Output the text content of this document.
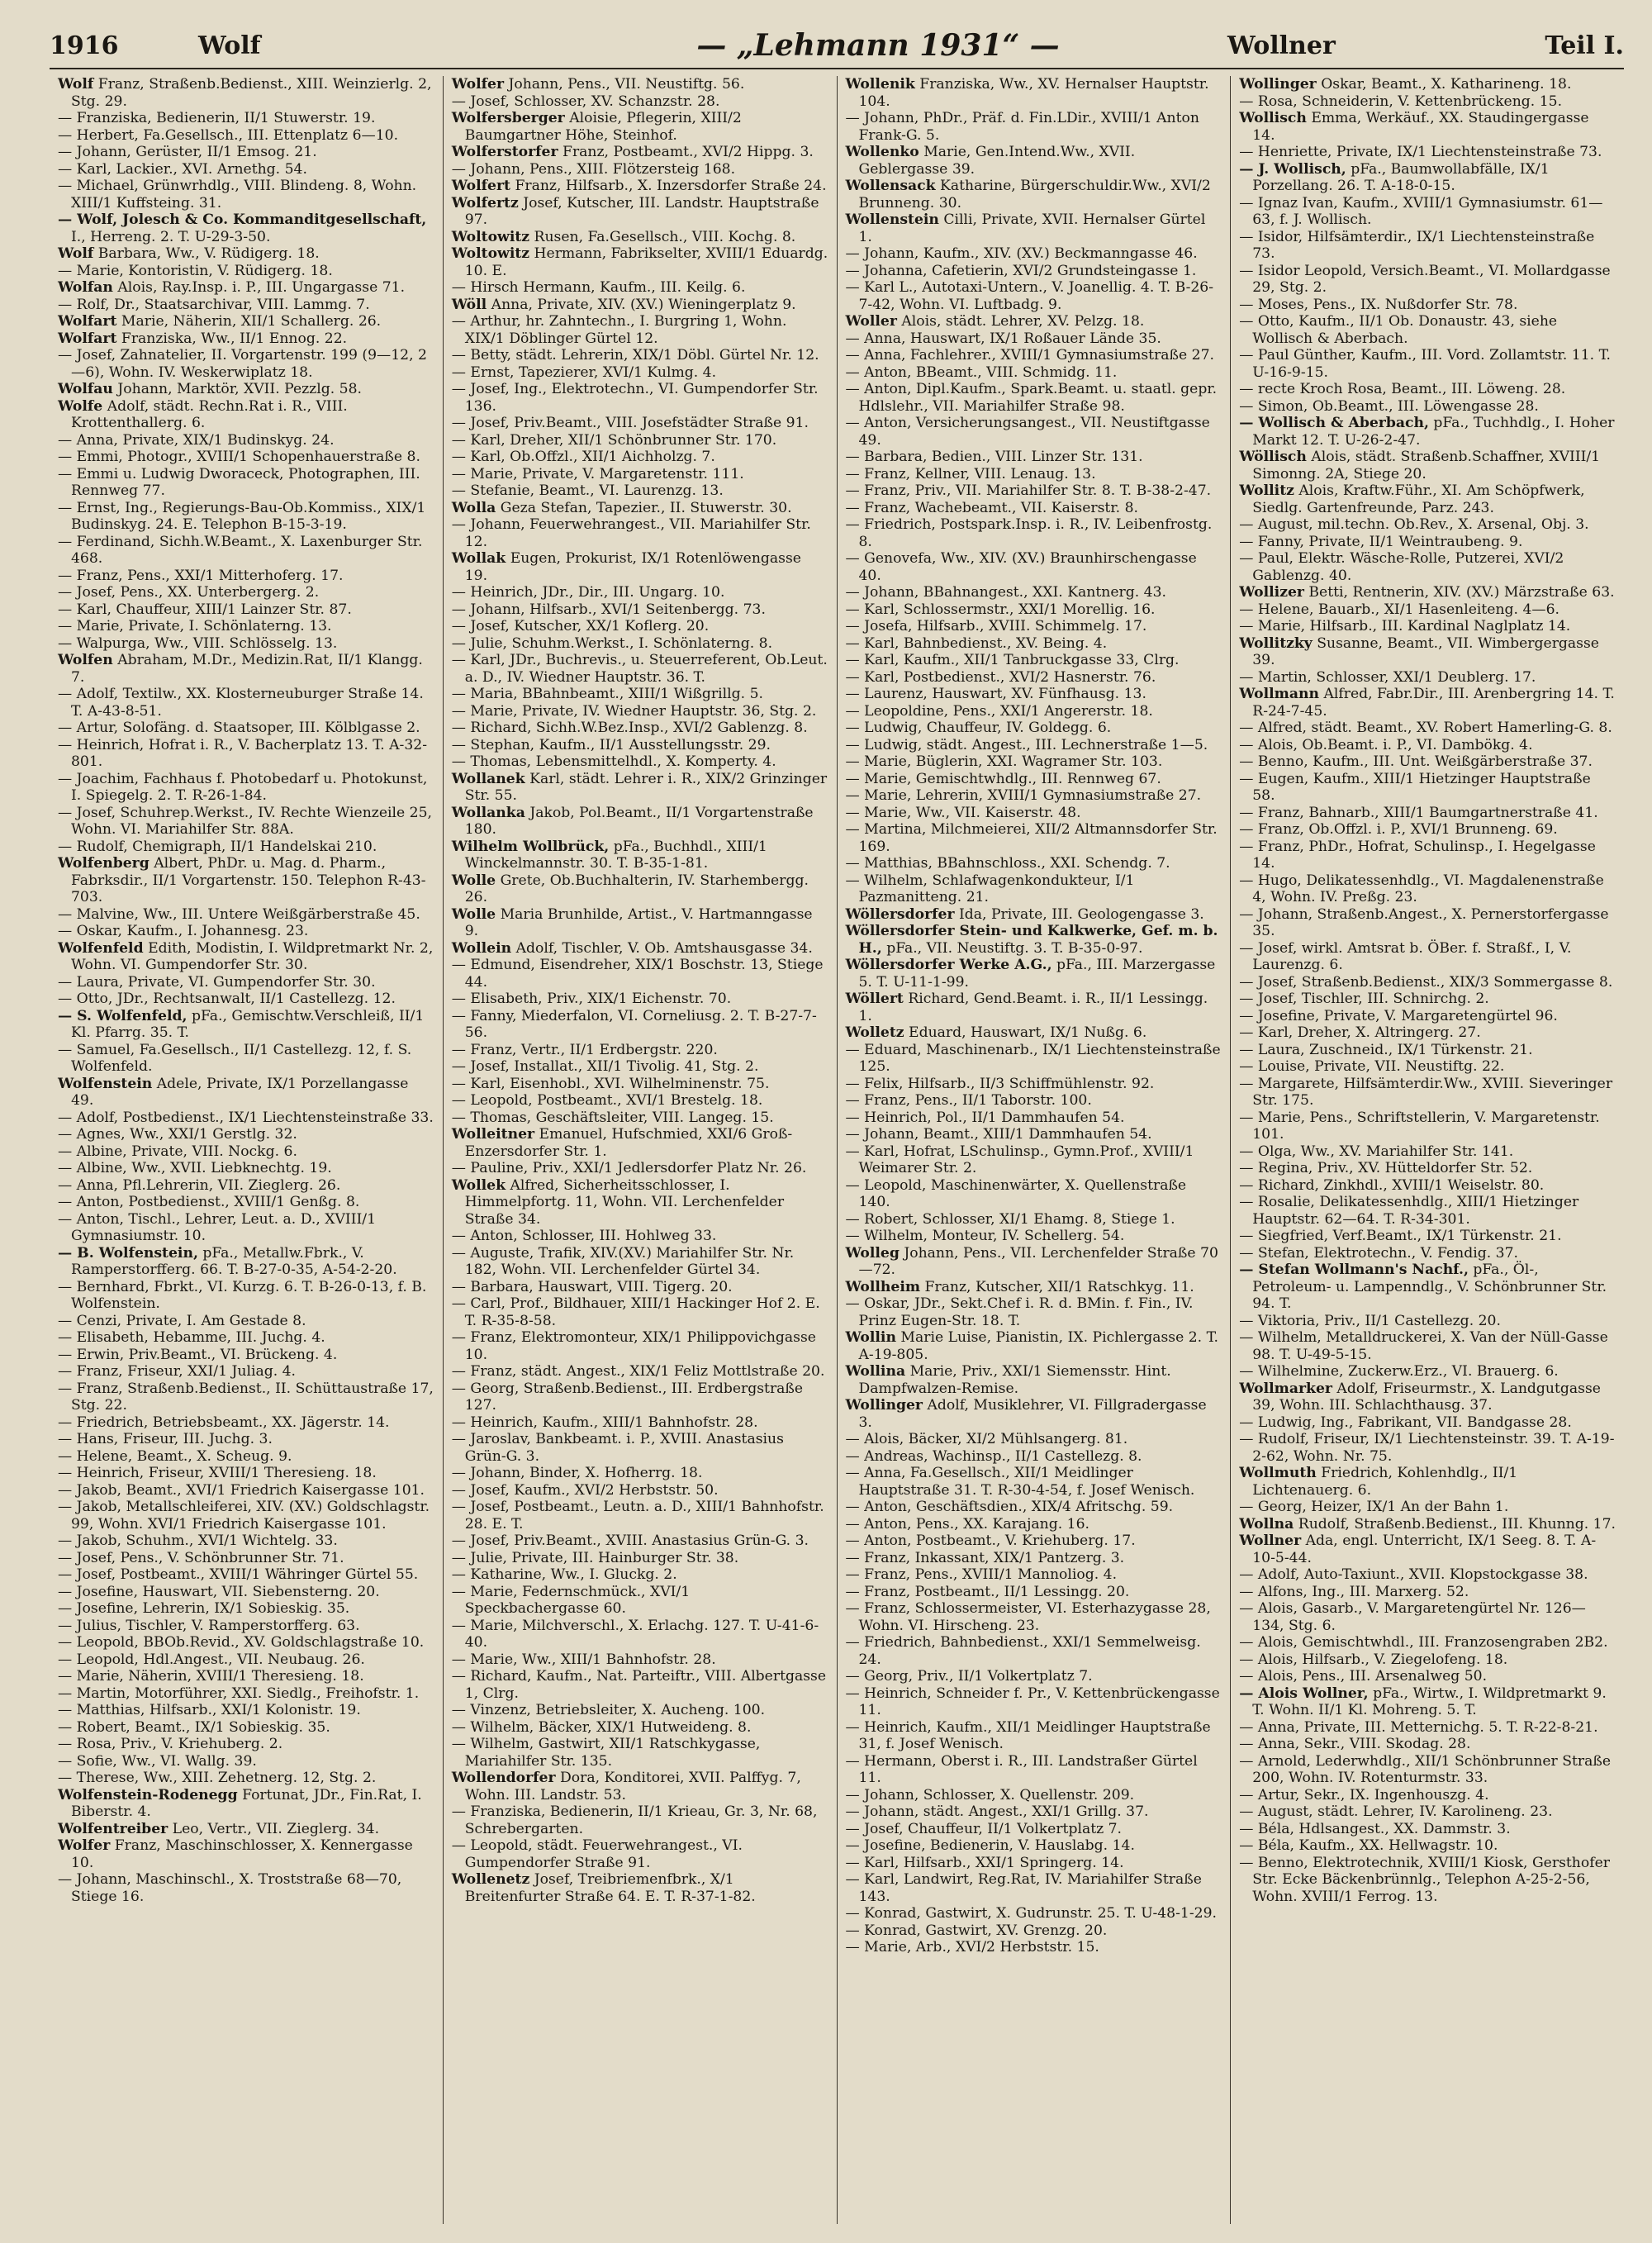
1916	Wolf	— „Lehmann 1931“ —	Wollner	Teil I.

Wolf Franz, Straßenb.Bedienst., XIII. Weinzierlg. 2, Stg. 29.

— Franziska, Bedienerin, II/1 Stuwerstr. 19.

— Herbert, Fa.Gesellsch., III. Ettenplatz 6—10.

— Johann, Gerüster, II/1 Emsog. 21.

— Karl, Lackier., XVI. Arnethg. 54.

— Michael, Grünwrhdlg., VIII. Blindeng. 8, Wohn. XIII/1 Kuffsteing. 31.

— Wolf, Jolesch & Co. Kommanditgesellschaft, I., Herreng. 2. T. U-29-3-50.

Wolf Barbara, Ww., V. Rüdigerg. 18.

— Marie, Kontoristin, V. Rüdigerg. 18.

Wolfan Alois, Ray.Insp. i. P., III. Ungargasse 71.

— Rolf, Dr., Staatsarchivar, VIII. Lammg. 7.

Wolfart Marie, Näherin, XII/1 Schallerg. 26.

Wolfart Franziska, Ww., II/1 Ennog. 22.

— Josef, Zahnatelier, II. Vorgartenstr. 199 (9—12, 2—6), Wohn. IV. Weskerwiplatz 18.

Wolfau Johann, Marktör, XVII. Pezzlg. 58.

Wolfe Adolf, städt. Rechn.Rat i. R., VIII. Krottenthallerg. 6.

— Anna, Private, XIX/1 Budinskyg. 24.

— Emmi, Photogr., XVIII/1 Schopenhauerstraße 8.

— Emmi u. Ludwig Dworaceck, Photographen, III. Rennweg 77.

— Ernst, Ing., Regierungs-Bau-Ob.Kommiss., XIX/1 Budinskyg. 24. E. Telephon B-15-3-19.

— Ferdinand, Sichh.W.Beamt., X. Laxenburger Str. 468.

— Franz, Pens., XXI/1 Mitterhoferg. 17.

— Josef, Pens., XX. Unterbergerg. 2.

— Karl, Chauffeur, XIII/1 Lainzer Str. 87.

— Marie, Private, I. Schönlaterng. 13.

— Walpurga, Ww., VIII. Schlösselg. 13.

Wolfen Abraham, M.Dr., Medizin.Rat, II/1 Klangg. 7.

— Adolf, Textilw., XX. Klosterneuburger Straße 14. T. A-43-8-51.

— Artur, Solofäng. d. Staatsoper, III. Kölblgasse 2.

— Heinrich, Hofrat i. R., V. Bacherplatz 13. T. A-32-801.

— Joachim, Fachhaus f. Photobedarf u. Photokunst, I. Spiegelg. 2. T. R-26-1-84.

— Josef, Schuhrep.Werkst., IV. Rechte Wienzeile 25, Wohn. VI. Mariahilfer Str. 88A.

— Rudolf, Chemigraph, II/1 Handelskai 210.

Wolfenberg Albert, PhDr. u. Mag. d. Pharm., Fabrksdir., II/1 Vorgartenstr. 150. Telephon R-43-703.

— Malvine, Ww., III. Untere Weißgärberstraße 45.

— Oskar, Kaufm., I. Johannesg. 23.

Wolfenfeld Edith, Modistin, I. Wildpretmarkt Nr. 2, Wohn. VI. Gumpendorfer Str. 30.

— Laura, Private, VI. Gumpendorfer Str. 30.

— Otto, JDr., Rechtsanwalt, II/1 Castellezg. 12.

— S. Wolfenfeld, pFa., Gemischtw.Verschleiß, II/1 Kl. Pfarrg. 35. T.

— Samuel, Fa.Gesellsch., II/1 Castellezg. 12, f. S. Wolfenfeld.

Wolfenstein Adele, Private, IX/1 Porzellangasse 49.

— Adolf, Postbedienst., IX/1 Liechtensteinstraße 33.

— Agnes, Ww., XXI/1 Gerstlg. 32.

— Albine, Private, VIII. Nockg. 6.

— Albine, Ww., XVII. Liebknechtg. 19.

— Anna, Pfl.Lehrerin, VII. Zieglerg. 26.

— Anton, Postbedienst., XVIII/1 Genßg. 8.

— Anton, Tischl., Lehrer, Leut. a. D., XVIII/1 Gymnasiumstr. 10.

— B. Wolfenstein, pFa., Metallw.Fbrk., V. Ramperstorfferg. 66. T. B-27-0-35, A-54-2-20.

— Bernhard, Fbrkt., VI. Kurzg. 6. T. B-26-0-13, f. B. Wolfenstein.

— Cenzi, Private, I. Am Gestade 8.

— Elisabeth, Hebamme, III. Juchg. 4.

— Erwin, Priv.Beamt., VI. Brückeng. 4.

— Franz, Friseur, XXI/1 Juliag. 4.

— Franz, Straßenb.Bedienst., II. Schüttaustraße 17, Stg. 22.

— Friedrich, Betriebsbeamt., XX. Jägerstr. 14.

— Hans, Friseur, III. Juchg. 3.

— Helene, Beamt., X. Scheug. 9.

— Heinrich, Friseur, XVIII/1 Theresieng. 18.

— Jakob, Beamt., XVI/1 Friedrich Kaisergasse 101.

— Jakob, Metallschleiferei, XIV. (XV.) Goldschlagstr. 99, Wohn. XVI/1 Friedrich Kaisergasse 101.

— Jakob, Schuhm., XVI/1 Wichtelg. 33.

— Josef, Pens., V. Schönbrunner Str. 71.

— Josef, Postbeamt., XVIII/1 Währinger Gürtel 55.

— Josefine, Hauswart, VII. Siebensterng. 20.

— Josefine, Lehrerin, IX/1 Sobieskig. 35.

— Julius, Tischler, V. Ramperstorfferg. 63.

— Leopold, BBOb.Revid., XV. Goldschlagstraße 10.

— Leopold, Hdl.Angest., VII. Neubaug. 26.

— Marie, Näherin, XVIII/1 Theresieng. 18.

— Martin, Motorführer, XXI. Siedlg., Freihofstr. 1.

— Matthias, Hilfsarb., XXI/1 Kolonistr. 19.

— Robert, Beamt., IX/1 Sobieskig. 35.

— Rosa, Priv., V. Kriehuberg. 2.

— Sofie, Ww., VI. Wallg. 39.

— Therese, Ww., XIII. Zehetnerg. 12, Stg. 2.

Wolfenstein-Rodenegg Fortunat, JDr., Fin.Rat, I. Biberstr. 4.

Wolfentreiber Leo, Vertr., VII. Zieglerg. 34.

Wolfer Franz, Maschinschlosser, X. Kennergasse 10.

— Johann, Maschinschl., X. Troststraße 68—70, Stiege 16.

Wolfer Johann, Pens., VII. Neustiftg. 56.

— Josef, Schlosser, XV. Schanzstr. 28.

Wolfersberger Aloisie, Pflegerin, XIII/2 Baumgartner Höhe, Steinhof.

Wolferstorfer Franz, Postbeamt., XVI/2 Hippg. 3.

— Johann, Pens., XIII. Flötzersteig 168.

Wolfert Franz, Hilfsarb., X. Inzersdorfer Straße 24.

Wolfertz Josef, Kutscher, III. Landstr. Hauptstraße 97.

Woltowitz Rusen, Fa.Gesellsch., VIII. Kochg. 8.

Woltowitz Hermann, Fabrikselter, XVIII/1 Eduardg. 10. E.

— Hirsch Hermann, Kaufm., III. Keilg. 6.

Wöll Anna, Private, XIV. (XV.) Wieningerplatz 9.

— Arthur, hr. Zahntechn., I. Burgring 1, Wohn. XIX/1 Döblinger Gürtel 12.

— Betty, städt. Lehrerin, XIX/1 Döbl. Gürtel Nr. 12.

— Ernst, Tapezierer, XVI/1 Kulmg. 4.

— Josef, Ing., Elektrotechn., VI. Gumpendorfer Str. 136.

— Josef, Priv.Beamt., VIII. Josefstädter Straße 91.

— Karl, Dreher, XII/1 Schönbrunner Str. 170.

— Karl, Ob.Offzl., XII/1 Aichholzg. 7.

— Marie, Private, V. Margaretenstr. 111.

— Stefanie, Beamt., VI. Laurenzg. 13.

Wolla Geza Stefan, Tapezier., II. Stuwerstr. 30.

— Johann, Feuerwehrangest., VII. Mariahilfer Str. 12.

Wollak Eugen, Prokurist, IX/1 Rotenlöwengasse 19.

— Heinrich, JDr., Dir., III. Ungarg. 10.

— Johann, Hilfsarb., XVI/1 Seitenbergg. 73.

— Josef, Kutscher, XX/1 Koflerg. 20.

— Julie, Schuhm.Werkst., I. Schönlaterng. 8.

— Karl, JDr., Buchrevis., u. Steuerreferent, Ob.Leut. a. D., IV. Wiedner Hauptstr. 36. T.

— Maria, BBahnbeamt., XIII/1 Wißgrillg. 5.

— Marie, Private, IV. Wiedner Hauptstr. 36, Stg. 2.

— Richard, Sichh.W.Bez.Insp., XVI/2 Gablenzg. 8.

— Stephan, Kaufm., II/1 Ausstellungsstr. 29.

— Thomas, Lebensmittelhdl., X. Komperty. 4.

Wollanek Karl, städt. Lehrer i. R., XIX/2 Grinzinger Str. 55.

Wollanka Jakob, Pol.Beamt., II/1 Vorgartenstraße 180.

Wilhelm Wollbrück, pFa., Buchhdl., XIII/1 Winckelmannstr. 30. T. B-35-1-81.

Wolle Grete, Ob.Buchhalterin, IV. Starhembergg. 26.

Wolle Maria Brunhilde, Artist., V. Hartmanngasse 9.

Wollein Adolf, Tischler, V. Ob. Amtshausgasse 34.

— Edmund, Eisendreher, XIX/1 Boschstr. 13, Stiege 44.

— Elisabeth, Priv., XIX/1 Eichenstr. 70.

— Fanny, Miederfalon, VI. Corneliusg. 2. T. B-27-7-56.

— Franz, Vertr., II/1 Erdbergstr. 220.

— Josef, Installat., XII/1 Tivolig. 41, Stg. 2.

— Karl, Eisenhobl., XVI. Wilhelminenstr. 75.

— Leopold, Postbeamt., XVI/1 Brestelg. 18.

— Thomas, Geschäftsleiter, VIII. Langeg. 15.

Wolleitner Emanuel, Hufschmied, XXI/6 Groß-Enzersdorfer Str. 1.

— Pauline, Priv., XXI/1 Jedlersdorfer Platz Nr. 26.

Wollek Alfred, Sicherheitsschlosser, I. Himmelpfortg. 11, Wohn. VII. Lerchenfelder Straße 34.

— Anton, Schlosser, III. Hohlweg 33.

— Auguste, Trafik, XIV.(XV.) Mariahilfer Str. Nr. 182, Wohn. VII. Lerchenfelder Gürtel 34.

— Barbara, Hauswart, VIII. Tigerg. 20.

— Carl, Prof., Bildhauer, XIII/1 Hackinger Hof 2. E. T. R-35-8-58.

— Franz, Elektromonteur, XIX/1 Philippovichgasse 10.

— Franz, städt. Angest., XIX/1 Feliz Mottlstraße 20.

— Georg, Straßenb.Bedienst., III. Erdbergstraße 127.

— Heinrich, Kaufm., XIII/1 Bahnhofstr. 28.

— Jaroslav, Bankbeamt. i. P., XVIII. Anastasius Grün-G. 3.

— Johann, Binder, X. Hofherrg. 18.

— Josef, Kaufm., XVI/2 Herbststr. 50.

— Josef, Postbeamt., Leutn. a. D., XIII/1 Bahnhofstr. 28. E. T.

— Josef, Priv.Beamt., XVIII. Anastasius Grün-G. 3.

— Julie, Private, III. Hainburger Str. 38.

— Katharine, Ww., I. Gluckg. 2.

— Marie, Federnschmück., XVI/1 Speckbachergasse 60.

— Marie, Milchverschl., X. Erlachg. 127. T. U-41-6-40.

— Marie, Ww., XIII/1 Bahnhofstr. 28.

— Richard, Kaufm., Nat. Parteiftr., VIII. Albertgasse 1, Clrg.

— Vinzenz, Betriebsleiter, X. Aucheng. 100.

— Wilhelm, Bäcker, XIX/1 Hutweideng. 8.

— Wilhelm, Gastwirt, XII/1 Ratschkygasse, Mariahilfer Str. 135.

Wollendorfer Dora, Konditorei, XVII. Palffyg. 7, Wohn. III. Landstr. 53.

— Franziska, Bedienerin, II/1 Krieau, Gr. 3, Nr. 68, Schrebergarten.

— Leopold, städt. Feuerwehrangest., VI. Gumpendorfer Straße 91.

Wollenetz Josef, Treibriemenfbrk., X/1 Breitenfurter Straße 64. E. T. R-37-1-82.

Wollenik Franziska, Ww., XV. Hernalser Hauptstr. 104.

— Johann, PhDr., Präf. d. Fin.LDir., XVIII/1 Anton Frank-G. 5.

Wollenko Marie, Gen.Intend.Ww., XVII. Geblergasse 39.

Wollensack Katharine, Bürgerschuldir.Ww., XVI/2 Brunneng. 30.

Wollenstein Cilli, Private, XVII. Hernalser Gürtel 1.

— Johann, Kaufm., XIV. (XV.) Beckmanngasse 46.

— Johanna, Cafetierin, XVI/2 Grundsteingasse 1.

— Karl L., Autotaxi-Untern., V. Joanellig. 4. T. B-26-7-42, Wohn. VI. Luftbadg. 9.

Woller Alois, städt. Lehrer, XV. Pelzg. 18.

— Anna, Hauswart, IX/1 Roßauer Lände 35.

— Anna, Fachlehrer., XVIII/1 Gymnasiumstraße 27.

— Anton, BBeamt., VIII. Schmidg. 11.

— Anton, Dipl.Kaufm., Spark.Beamt. u. staatl. gepr. Hdlslehr., VII. Mariahilfer Straße 98.

— Anton, Versicherungsangest., VII. Neustiftgasse 49.

— Barbara, Bedien., VIII. Linzer Str. 131.

— Franz, Kellner, VIII. Lenaug. 13.

— Franz, Priv., VII. Mariahilfer Str. 8. T. B-38-2-47.

— Franz, Wachebeamt., VII. Kaiserstr. 8.

— Friedrich, Postspark.Insp. i. R., IV. Leibenfrostg. 8.

— Genovefa, Ww., XIV. (XV.) Braunhirschengasse 40.

— Johann, BBahnangest., XXI. Kantnerg. 43.

— Karl, Schlossermstr., XXI/1 Morellig. 16.

— Josefa, Hilfsarb., XVIII. Schimmelg. 17.

— Karl, Bahnbedienst., XV. Being. 4.

— Karl, Kaufm., XII/1 Tanbruckgasse 33, Clrg.

— Karl, Postbedienst., XVI/2 Hasnerstr. 76.

— Laurenz, Hauswart, XV. Fünfhausg. 13.

— Leopoldine, Pens., XXI/1 Angererstr. 18.

— Ludwig, Chauffeur, IV. Goldegg. 6.

— Ludwig, städt. Angest., III. Lechnerstraße 1—5.

— Marie, Büglerin, XXI. Wagramer Str. 103.

— Marie, Gemischtwhdlg., III. Rennweg 67.

— Marie, Lehrerin, XVIII/1 Gymnasiumstraße 27.

— Marie, Ww., VII. Kaiserstr. 48.

— Martina, Milchmeierei, XII/2 Altmannsdorfer Str. 169.

— Matthias, BBahnschloss., XXI. Schendg. 7.

— Wilhelm, Schlafwagenkondukteur, I/1 Pazmanitteng. 21.

Wöllersdorfer Ida, Private, III. Geologengasse 3.

Wöllersdorfer Stein- und Kalkwerke, Gef. m. b. H., pFa., VII. Neustiftg. 3. T. B-35-0-97.

Wöllersdorfer Werke A.G., pFa., III. Marzergasse 5. T. U-11-1-99.

Wöllert Richard, Gend.Beamt. i. R., II/1 Lessingg. 1.

Wolletz Eduard, Hauswart, IX/1 Nußg. 6.

— Eduard, Maschinenarb., IX/1 Liechtensteinstraße 125.

— Felix, Hilfsarb., II/3 Schiffmühlenstr. 92.

— Franz, Pens., II/1 Taborstr. 100.

— Heinrich, Pol., II/1 Dammhaufen 54.

— Johann, Beamt., XIII/1 Dammhaufen 54.

— Karl, Hofrat, LSchulinsp., Gymn.Prof., XVIII/1 Weimarer Str. 2.

— Leopold, Maschinenwärter, X. Quellenstraße 140.

— Robert, Schlosser, XI/1 Ehamg. 8, Stiege 1.

— Wilhelm, Monteur, IV. Schellerg. 54.

Wolleg Johann, Pens., VII. Lerchenfelder Straße 70—72.

Wollheim Franz, Kutscher, XII/1 Ratschkyg. 11.

— Oskar, JDr., Sekt.Chef i. R. d. BMin. f. Fin., IV. Prinz Eugen-Str. 18. T.

Wollin Marie Luise, Pianistin, IX. Pichlergasse 2. T. A-19-805.

Wollina Marie, Priv., XXI/1 Siemensstr. Hint. Dampfwalzen-Remise.

Wollinger Adolf, Musiklehrer, VI. Fillgradergasse 3.

— Alois, Bäcker, XI/2 Mühlsangerg. 81.

— Andreas, Wachinsp., II/1 Castellezg. 8.

— Anna, Fa.Gesellsch., XII/1 Meidlinger Hauptstraße 31. T. R-30-4-54, f. Josef Wenisch.

— Anton, Geschäftsdien., XIX/4 Afritschg. 59.

— Anton, Pens., XX. Karajang. 16.

— Anton, Postbeamt., V. Kriehuberg. 17.

— Franz, Inkassant, XIX/1 Pantzerg. 3.

— Franz, Pens., XVIII/1 Mannoliog. 4.

— Franz, Postbeamt., II/1 Lessingg. 20.

— Franz, Schlossermeister, VI. Esterhazygasse 28, Wohn. VI. Hirscheng. 23.

— Friedrich, Bahnbedienst., XXI/1 Semmelweisg. 24.

— Georg, Priv., II/1 Volkertplatz 7.

— Heinrich, Schneider f. Pr., V. Kettenbrückengasse 11.

— Heinrich, Kaufm., XII/1 Meidlinger Hauptstraße 31, f. Josef Wenisch.

— Hermann, Oberst i. R., III. Landstraßer Gürtel 11.

— Johann, Schlosser, X. Quellenstr. 209.

— Johann, städt. Angest., XXI/1 Grillg. 37.

— Josef, Chauffeur, II/1 Volkertplatz 7.

— Josefine, Bedienerin, V. Hauslabg. 14.

— Karl, Hilfsarb., XXI/1 Springerg. 14.

— Karl, Landwirt, Reg.Rat, IV. Mariahilfer Straße 143.

— Konrad, Gastwirt, X. Gudrunstr. 25. T. U-48-1-29.

— Konrad, Gastwirt, XV. Grenzg. 20.

— Marie, Arb., XVI/2 Herbststr. 15.

Wollinger Oskar, Beamt., X. Katharineng. 18.

— Rosa, Schneiderin, V. Kettenbrückeng. 15.

Wollisch Emma, Werkäuf., XX. Staudingergasse 14.

— Henriette, Private, IX/1 Liechtensteinstraße 73.

— J. Wollisch, pFa., Baumwollabfälle, IX/1 Porzellang. 26. T. A-18-0-15.

— Ignaz Ivan, Kaufm., XVIII/1 Gymnasiumstr. 61—63, f. J. Wollisch.

— Isidor, Hilfsämterdir., IX/1 Liechtensteinstraße 73.

— Isidor Leopold, Versich.Beamt., VI. Mollardgasse 29, Stg. 2.

— Moses, Pens., IX. Nußdorfer Str. 78.

— Otto, Kaufm., II/1 Ob. Donaustr. 43, siehe Wollisch & Aberbach.

— Paul Günther, Kaufm., III. Vord. Zollamtstr. 11. T. U-16-9-15.

— recte Kroch Rosa, Beamt., III. Löweng. 28.

— Simon, Ob.Beamt., III. Löwengasse 28.

— Wollisch & Aberbach, pFa., Tuchhdlg., I. Hoher Markt 12. T. U-26-2-47.

Wöllisch Alois, städt. Straßenb.Schaffner, XVIII/1 Simonng. 2A, Stiege 20.

Wollitz Alois, Kraftw.Führ., XI. Am Schöpfwerk, Siedlg. Gartenfreunde, Parz. 243.

— August, mil.techn. Ob.Rev., X. Arsenal, Obj. 3.

— Fanny, Private, II/1 Weintraubeng. 9.

— Paul, Elektr. Wäsche-Rolle, Putzerei, XVI/2 Gablenzg. 40.

Wollizer Betti, Rentnerin, XIV. (XV.) Märzstraße 63.

— Helene, Bauarb., XI/1 Hasenleiteng. 4—6.

— Marie, Hilfsarb., III. Kardinal Naglplatz 14.

Wollitzky Susanne, Beamt., VII. Wimbergergasse 39.

— Martin, Schlosser, XXI/1 Deublerg. 17.

Wollmann Alfred, Fabr.Dir., III. Arenbergring 14. T. R-24-7-45.

— Alfred, städt. Beamt., XV. Robert Hamerling-G. 8.

— Alois, Ob.Beamt. i. P., VI. Dambökg. 4.

— Benno, Kaufm., III. Unt. Weißgärberstraße 37.

— Eugen, Kaufm., XIII/1 Hietzinger Hauptstraße 58.

— Franz, Bahnarb., XIII/1 Baumgartnerstraße 41.

— Franz, Ob.Offzl. i. P., XVI/1 Brunneng. 69.

— Franz, PhDr., Hofrat, Schulinsp., I. Hegelgasse 14.

— Hugo, Delikatessenhdlg., VI. Magdalenenstraße 4, Wohn. IV. Preßg. 23.

— Johann, Straßenb.Angest., X. Pernerstorfergasse 35.

— Josef, wirkl. Amtsrat b. ÖBer. f. Straßf., I, V. Laurenzg. 6.

— Josef, Straßenb.Bedienst., XIX/3 Sommergasse 8.

— Josef, Tischler, III. Schnirchg. 2.

— Josefine, Private, V. Margaretengürtel 96.

— Karl, Dreher, X. Altringerg. 27.

— Laura, Zuschneid., IX/1 Türkenstr. 21.

— Louise, Private, VII. Neustiftg. 22.

— Margarete, Hilfsämterdir.Ww., XVIII. Sieveringer Str. 175.

— Marie, Pens., Schriftstellerin, V. Margaretenstr. 101.

— Olga, Ww., XV. Mariahilfer Str. 141.

— Regina, Priv., XV. Hütteldorfer Str. 52.

— Richard, Zinkhdl., XVIII/1 Weiselstr. 80.

— Rosalie, Delikatessenhdlg., XIII/1 Hietzinger Hauptstr. 62—64. T. R-34-301.

— Siegfried, Verf.Beamt., IX/1 Türkenstr. 21.

— Stefan, Elektrotechn., V. Fendig. 37.

— Stefan Wollmann's Nachf., pFa., Öl-, Petroleum- u. Lampenndlg., V. Schönbrunner Str. 94. T.

— Viktoria, Priv., II/1 Castellezg. 20.

— Wilhelm, Metalldruckerei, X. Van der Nüll-Gasse 98. T. U-49-5-15.

— Wilhelmine, Zuckerw.Erz., VI. Brauerg. 6.

Wollmarker Adolf, Friseurmstr., X. Landgutgasse 39, Wohn. III. Schlachthausg. 37.

— Ludwig, Ing., Fabrikant, VII. Bandgasse 28.

— Rudolf, Friseur, IX/1 Liechtensteinstr. 39. T. A-19-2-62, Wohn. Nr. 75.

Wollmuth Friedrich, Kohlenhdlg., II/1 Lichtenauerg. 6.

— Georg, Heizer, IX/1 An der Bahn 1.

Wollna Rudolf, Straßenb.Bedienst., III. Khunng. 17.

Wollner Ada, engl. Unterricht, IX/1 Seeg. 8. T. A-10-5-44.

— Adolf, Auto-Taxiunt., XVII. Klopstockgasse 38.

— Alfons, Ing., III. Marxerg. 52.

— Alois, Gasarb., V. Margaretengürtel Nr. 126—134, Stg. 6.

— Alois, Gemischtwhdl., III. Franzosengraben 2B2.

— Alois, Hilfsarb., V. Ziegelofeng. 18.

— Alois, Pens., III. Arsenalweg 50.

— Alois Wollner, pFa., Wirtw., I. Wildpretmarkt 9. T. Wohn. II/1 Kl. Mohreng. 5. T.

— Anna, Private, III. Metternichg. 5. T. R-22-8-21.

— Anna, Sekr., VIII. Skodag. 28.

— Arnold, Lederwhdlg., XII/1 Schönbrunner Straße 200, Wohn. IV. Rotenturmstr. 33.

— Artur, Sekr., IX. Ingenhouszg. 4.

— August, städt. Lehrer, IV. Karolineng. 23.

— Béla, Hdlsangest., XX. Dammstr. 3.

— Béla, Kaufm., XX. Hellwagstr. 10.

— Benno, Elektrotechnik, XVIII/1 Kiosk, Gersthofer Str. Ecke Bäckenbrünnlg., Telephon A-25-2-56, Wohn. XVIII/1 Ferrog. 13.
